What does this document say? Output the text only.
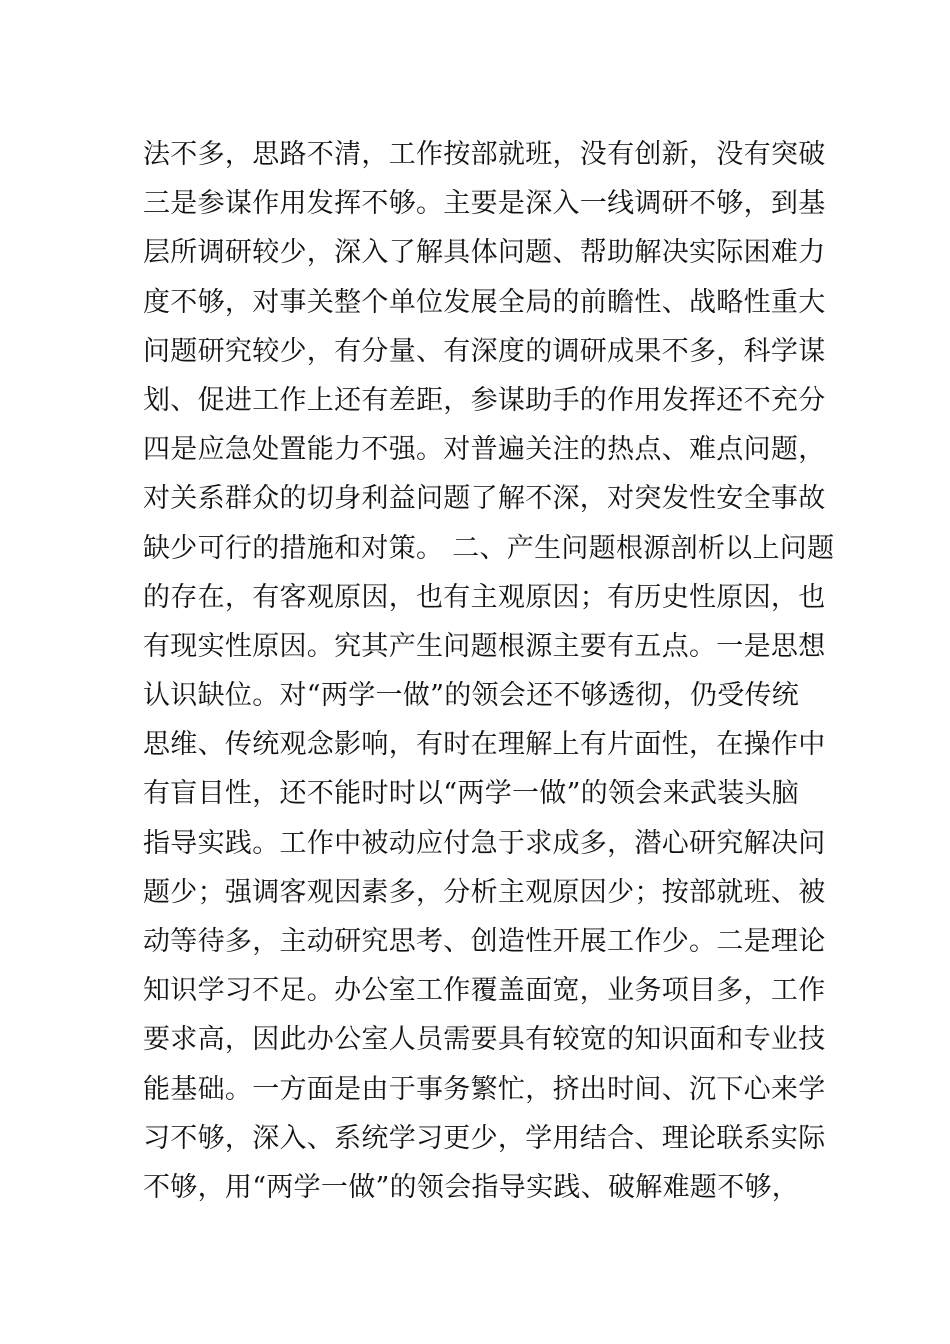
法不多，思路不清，工作按部就班，没有创新，没有突破
三是参谋作用发挥不够。主要是深入一线调研不够，到基
层所调研较少，深入了解具体问题、帮助解决实际困难力
度不够，对事关整个单位发展全局的前瞻性、战略性重大
问题研究较少，有分量、有深度的调研成果不多，科学谋
划、促进工作上还有差距，参谋助手的作用发挥还不充分
四是应急处置能力不强。对普遍关注的热点、难点问题，
对关系群众的切身利益问题了解不深，对突发性安全事故
缺少可行的措施和对策。 二、产生问题根源剖析以上问题
的存在，有客观原因，也有主观原因；有历史性原因，也
有现实性原因。究其产生问题根源主要有五点。一是思想
认识缺位。对“两学一做”的领会还不够透彻，仍受传统
思维、传统观念影响，有时在理解上有片面性，在操作中
有盲目性，还不能时时以“两学一做”的领会来武装头脑
指导实践。工作中被动应付急于求成多，潜心研究解决问
题少；强调客观因素多，分析主观原因少；按部就班、被
动等待多，主动研究思考、创造性开展工作少。二是理论
知识学习不足。办公室工作覆盖面宽，业务项目多，工作
要求高，因此办公室人员需要具有较宽的知识面和专业技
能基础。一方面是由于事务繁忙，挤出时间、沉下心来学
习不够，深入、系统学习更少，学用结合、理论联系实际
不够，用“两学一做”的领会指导实践、破解难题不够，
